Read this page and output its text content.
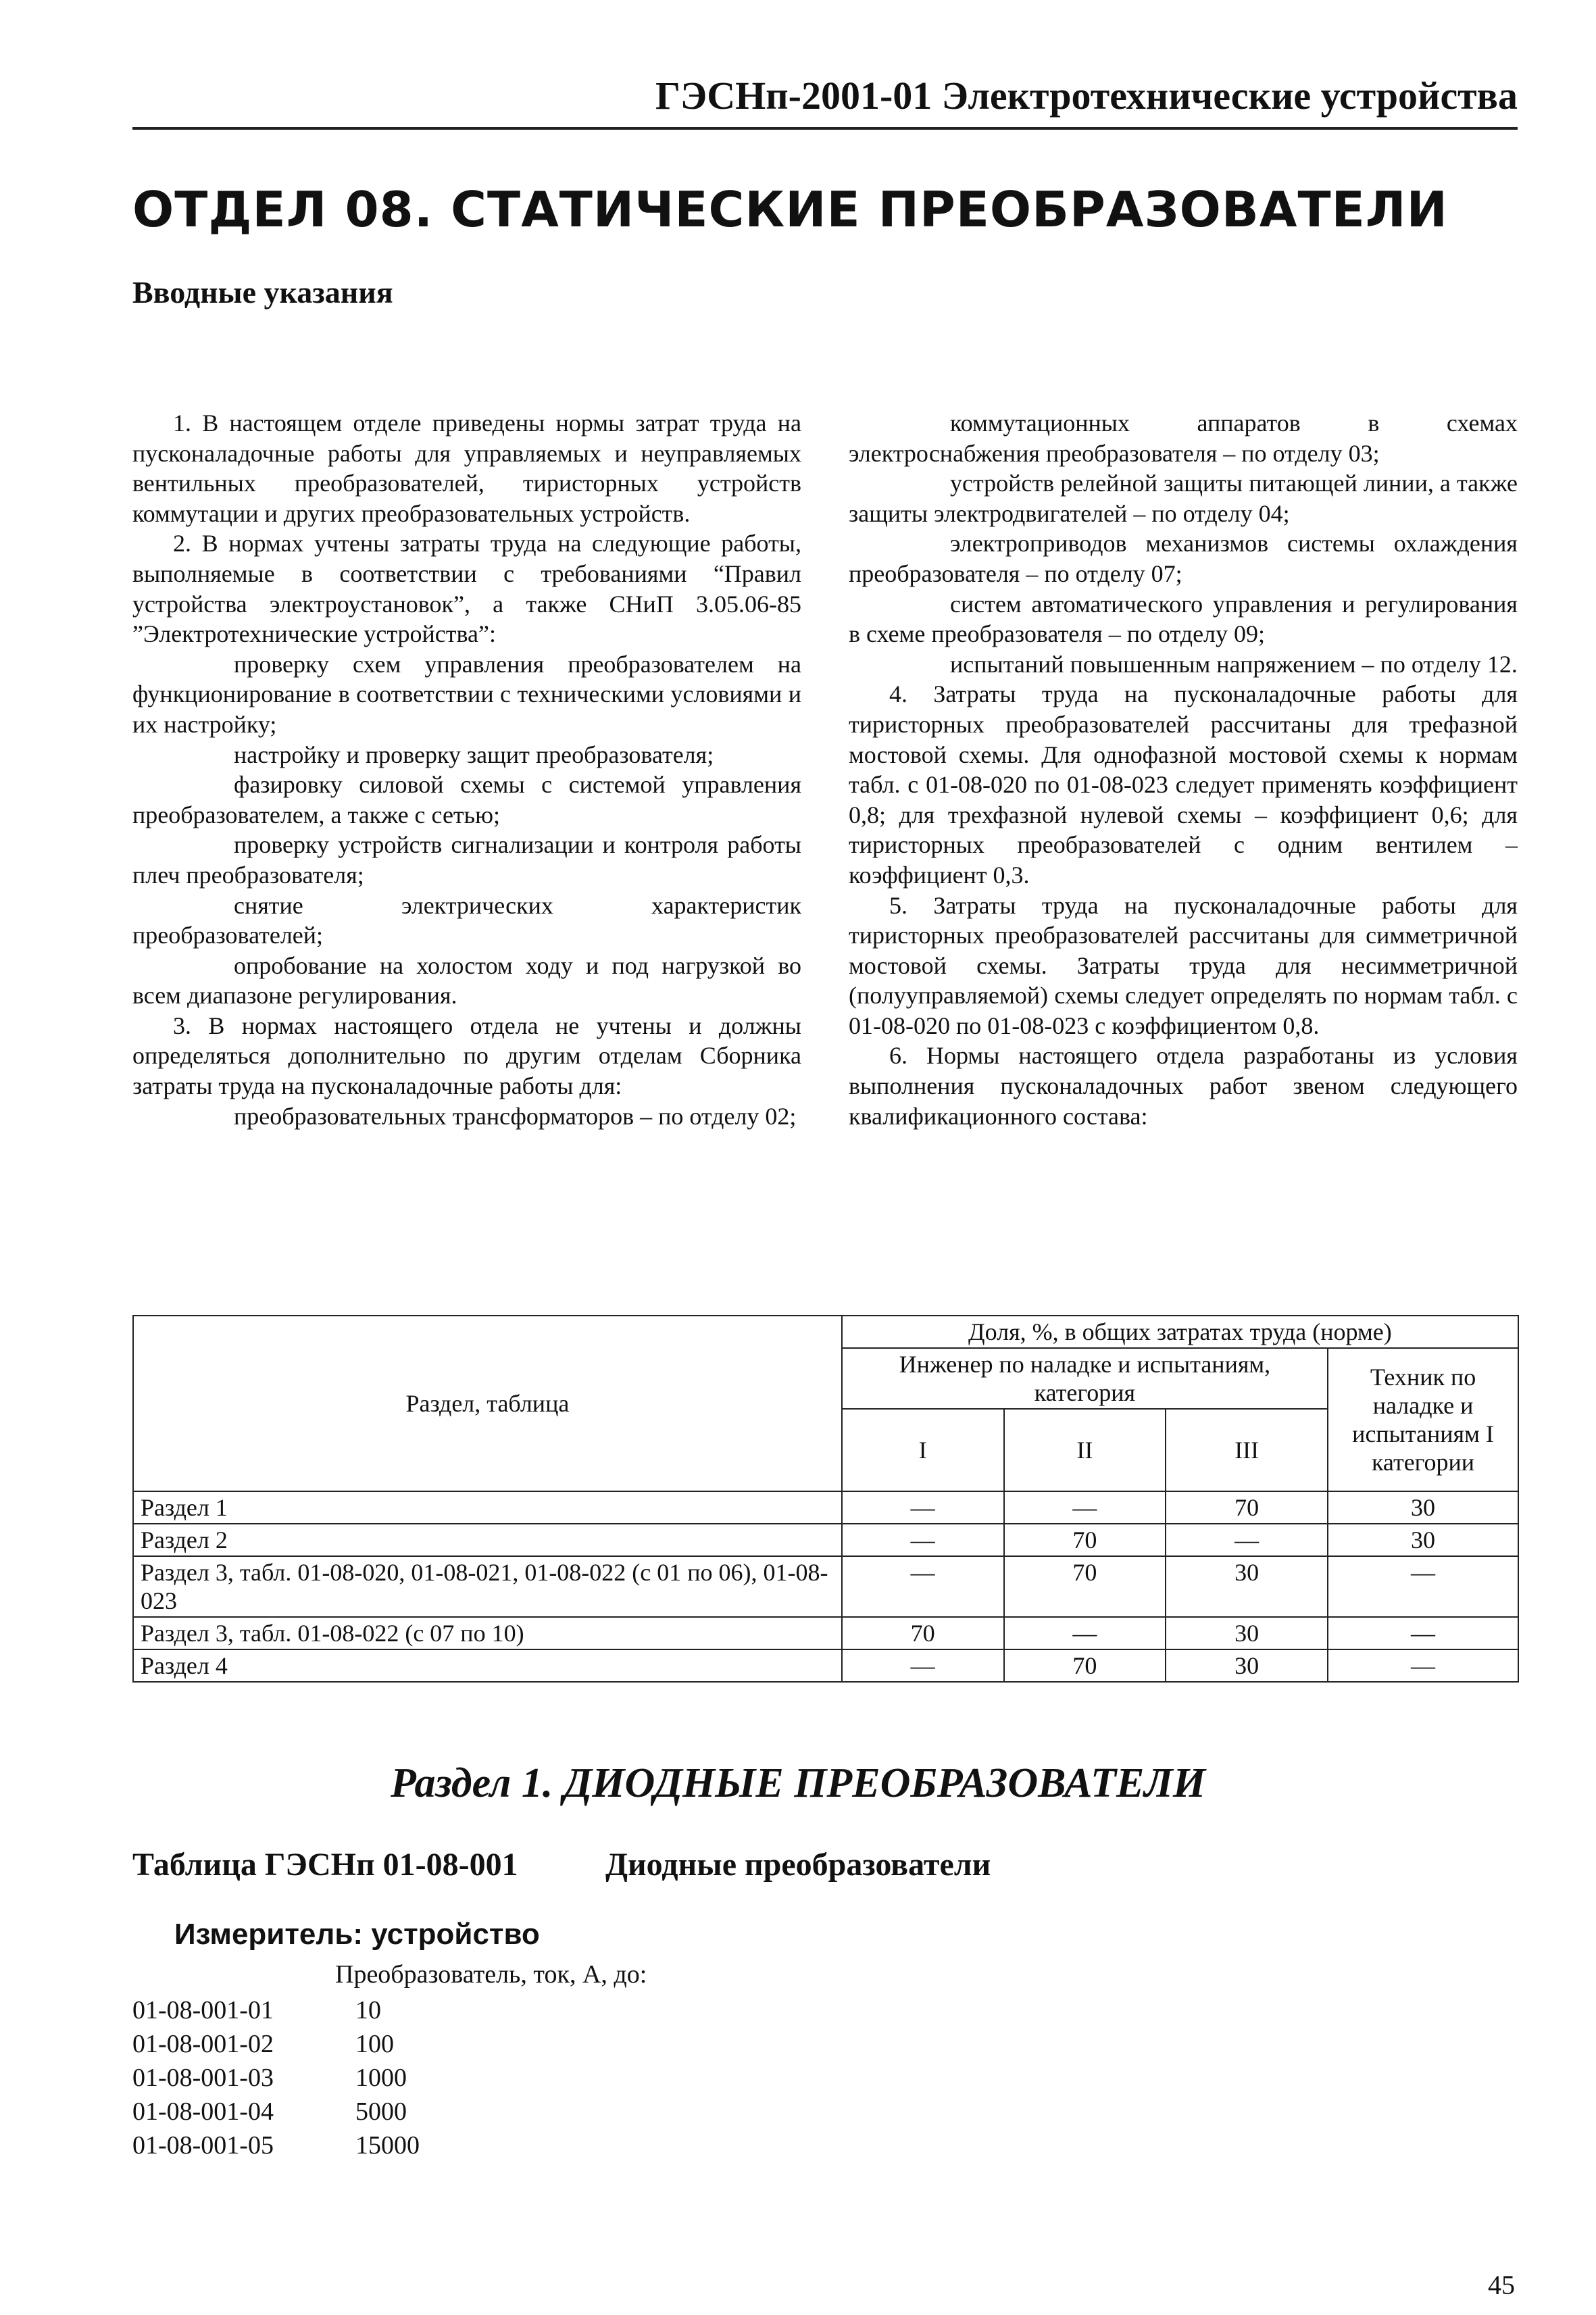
ГЭСНп-2001-01 Электротехнические устройства
ОТДЕЛ 08. СТАТИЧЕСКИЕ ПРЕОБРАЗОВАТЕЛИ
Вводные указания

1. В настоящем отделе приведены нормы затрат труда на пусконаладочные работы для управляемых и неуправляемых вентильных преобразователей, тиристорных устройств коммутации и других преобразовательных устройств.

2. В нормах учтены затраты труда на следующие работы, выполняемые в соответствии с требованиями “Правил устройства электроустановок”, а также СНиП 3.05.06-85 ”Электротехнические устройства”:

проверку схем управления преобразователем на функционирование в соответствии с техническими условиями и их настройку;

настройку и проверку защит преобразователя;

фазировку силовой схемы с системой управления преобразователем, а также с сетью;

проверку устройств сигнализации и контроля работы плеч преобразователя;

снятие электрических характеристик преобразователей;

опробование на холостом ходу и под нагрузкой во всем диапазоне регулирования.

3. В нормах настоящего отдела не учтены и должны определяться дополнительно по другим отделам Сборника затраты труда на пусконаладочные работы для:

преобразовательных трансформаторов – по отделу 02;

коммутационных аппаратов в схемах электроснабжения преобразователя – по отделу 03;

устройств релейной защиты питающей линии, а также защиты электродвигателей – по отделу 04;

электроприводов механизмов системы охлаждения преобразователя – по отделу 07;

систем автоматического управления и регулирования в схеме преобразователя – по отделу 09;

испытаний повышенным напряжением – по отделу 12.

4. Затраты труда на пусконаладочные работы для тиристорных преобразователей рассчитаны для трефазной мостовой схемы. Для однофазной мостовой схемы к нормам табл. с 01-08-020 по 01-08-023 следует применять коэффициент 0,8; для трехфазной нулевой схемы – коэффициент 0,6; для тиристорных преобразователей с одним вентилем – коэффициент 0,3.

5. Затраты труда на пусконаладочные работы для тиристорных преобразователей рассчитаны для симметричной мостовой схемы. Затраты труда для несимметричной (полууправляемой) схемы следует определять по нормам табл. с 01-08-020 по 01-08-023 с коэффициентом 0,8.

6. Нормы настоящего отдела разработаны из условия выполнения пусконаладочных работ звеном следующего квалификационного состава:

Раздел, таблица	Доля, %, в общих затратах труда (норме)			
	Инженер по наладке и испытаниям, категория			Техник по наладке и испытаниям I категории
	I	II	III	
Раздел 1	—	—	70	30
Раздел 2	—	70	—	30
Раздел 3, табл. 01-08-020, 01-08-021, 01-08-022 (с 01 по 06), 01-08-023	—	70	30	—
Раздел 3, табл. 01-08-022 (с 07 по 10)	70	—	30	—
Раздел 4	—	70	30	—
Раздел 1. ДИОДНЫЕ ПРЕОБРАЗОВАТЕЛИ
Таблица ГЭСНп 01-08-001	Диодные преобразователи
Измеритель: устройство
Преобразователь, ток, А, до:
01-08-001-01	10
01-08-001-02	100
01-08-001-03	1000
01-08-001-04	5000
01-08-001-05	15000
45
